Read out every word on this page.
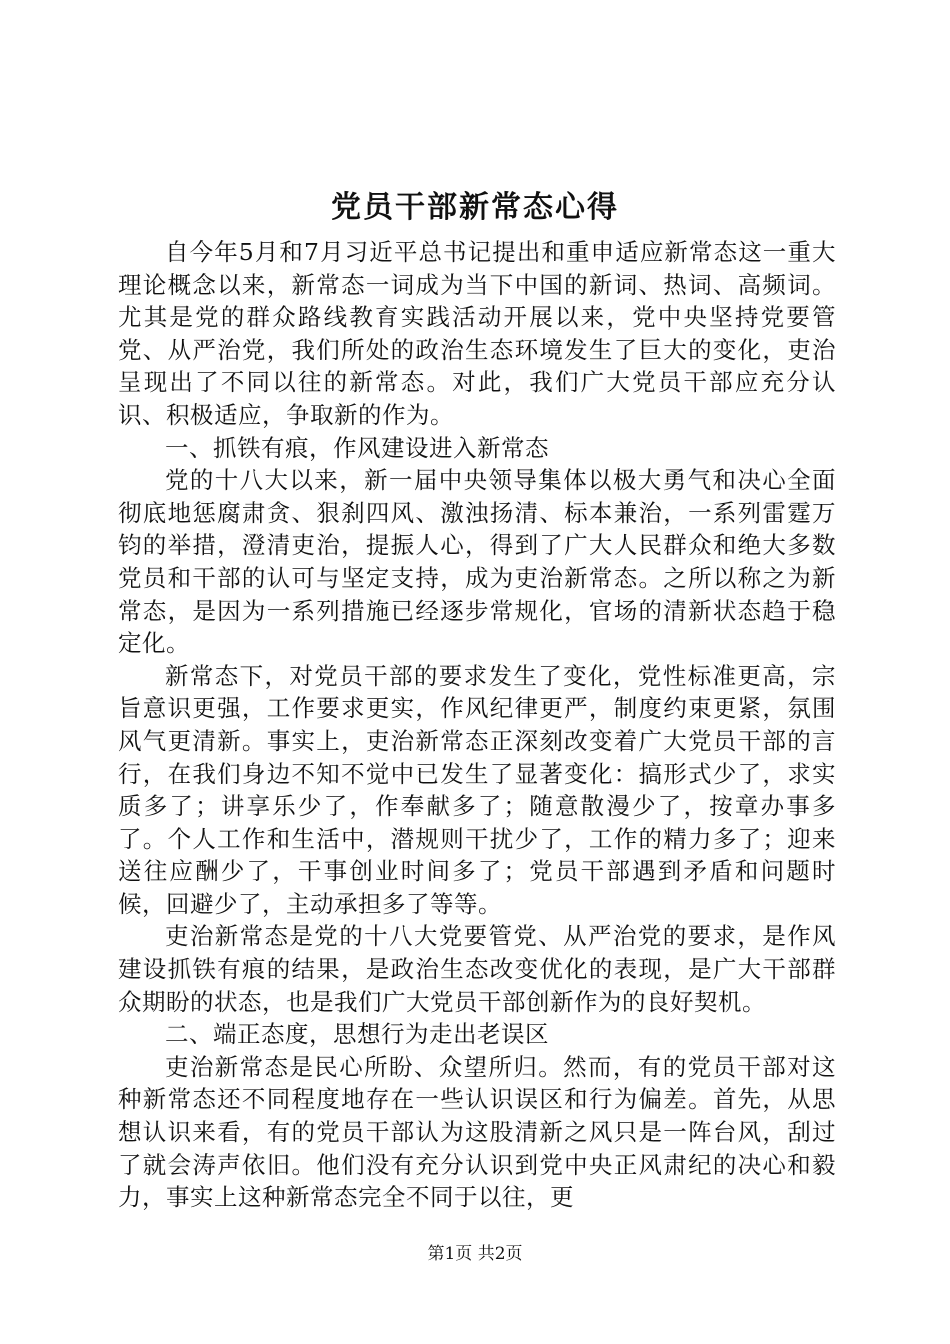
党员干部新常态心得

自今年5月和7月习近平总书记提出和重申适应新常态这一重大理论概念以来，新常态一词成为当下中国的新词、热词、高频词。尤其是党的群众路线教育实践活动开展以来，党中央坚持党要管党、从严治党，我们所处的政治生态环境发生了巨大的变化，吏治呈现出了不同以往的新常态。对此，我们广大党员干部应充分认识、积极适应，争取新的作为。

一、抓铁有痕，作风建设进入新常态

党的十八大以来，新一届中央领导集体以极大勇气和决心全面彻底地惩腐肃贪、狠刹四风、激浊扬清、标本兼治，一系列雷霆万钧的举措，澄清吏治，提振人心，得到了广大人民群众和绝大多数党员和干部的认可与坚定支持，成为吏治新常态。之所以称之为新常态，是因为一系列措施已经逐步常规化，官场的清新状态趋于稳定化。

新常态下，对党员干部的要求发生了变化，党性标准更高，宗旨意识更强，工作要求更实，作风纪律更严，制度约束更紧，氛围风气更清新。事实上，吏治新常态正深刻改变着广大党员干部的言行，在我们身边不知不觉中已发生了显著变化：搞形式少了，求实质多了；讲享乐少了，作奉献多了；随意散漫少了，按章办事多了。个人工作和生活中，潜规则干扰少了，工作的精力多了；迎来送往应酬少了，干事创业时间多了；党员干部遇到矛盾和问题时候，回避少了，主动承担多了等等。

吏治新常态是党的十八大党要管党、从严治党的要求，是作风建设抓铁有痕的结果，是政治生态改变优化的表现，是广大干部群众期盼的状态，也是我们广大党员干部创新作为的良好契机。

二、端正态度，思想行为走出老误区

吏治新常态是民心所盼、众望所归。然而，有的党员干部对这种新常态还不同程度地存在一些认识误区和行为偏差。首先，从思想认识来看，有的党员干部认为这股清新之风只是一阵台风，刮过了就会涛声依旧。他们没有充分认识到党中央正风肃纪的决心和毅力，事实上这种新常态完全不同于以往，更

第1页 共2页
